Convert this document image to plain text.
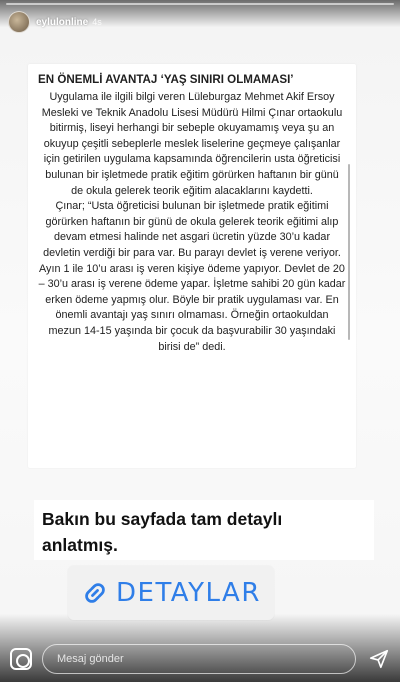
eylulonline 4s
EN ÖNEMLİ AVANTAJ ‘YAŞ SINIRI OLMAMASI’
Uygulama ile ilgili bilgi veren Lüleburgaz Mehmet Akif Ersoy Mesleki ve Teknik Anadolu Lisesi Müdürü Hilmi Çınar ortaokulu bitirmiş, liseyi herhangi bir sebeple okuyamamış veya şu an okuyup çeşitli sebeplerle meslek liselerine geçmeye çalışanlar için getirilen uygulama kapsamında öğrencilerin usta öğreticisi bulunan bir işletmede pratik eğitim görürken haftanın bir günü de okula gelerek teorik eğitim alacaklarını kaydetti.
Çınar; “Usta öğreticisi bulunan bir işletmede pratik eğitimi görürken haftanın bir günü de okula gelerek teorik eğitimi alıp devam etmesi halinde net asgari ücretin yüzde 30’u kadar devletin verdiği bir para var. Bu parayı devlet iş verene veriyor. Ayın 1 ile 10’u arası iş veren kişiye ödeme yapıyor. Devlet de 20 – 30’u arası iş verene ödeme yapar. İşletme sahibi 20 gün kadar erken ödeme yapmış olur. Böyle bir pratik uygulaması var. En önemli avantajı yaş sınırı olmaması. Örneğin ortaokuldan mezun 14-15 yaşında bir çocuk da başvurabilir 30 yaşındaki birisi de” dedi.
Bakın bu sayfada tam detaylı
anlatmış.
DETAYLAR
Mesaj gönder
